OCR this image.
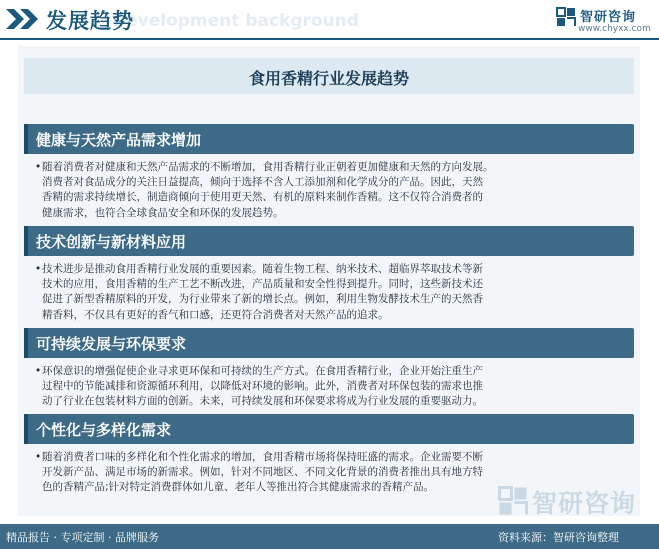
Development background
发展趋势	智研咨询
www.chyxx.com
食用香精行业发展趋势
健康与天然产品需求增加
• 随着消费者对健康和天然产品需求的不断增加，食用香精行业正朝着更加健康和天然的方向发展。
消费者对食品成分的关注日益提高，倾向于选择不含人工添加剂和化学成分的产品。因此，天然
香精的需求持续增长，制造商倾向于使用更天然、有机的原料来制作香精。这不仅符合消费者的
健康需求，也符合全球食品安全和环保的发展趋势。
技术创新与新材料应用
• 技术进步是推动食用香精行业发展的重要因素。随着生物工程、纳米技术、超临界萃取技术等新
技术的应用，食用香精的生产工艺不断改进，产品质量和安全性得到提升。同时，这些新技术还
促进了新型香精原料的开发，为行业带来了新的增长点。例如，利用生物发酵技术生产的天然香
精香料，不仅具有更好的香气和口感，还更符合消费者对天然产品的追求。
可持续发展与环保要求
• 环保意识的增强促使企业寻求更环保和可持续的生产方式。在食用香精行业，企业开始注重生产
过程中的节能减排和资源循环利用，以降低对环境的影响。此外，消费者对环保包装的需求也推
动了行业在包装材料方面的创新。未来，可持续发展和环保要求将成为行业发展的重要驱动力。
个性化与多样化需求
• 随着消费者口味的多样化和个性化需求的增加，食用香精市场将保持旺盛的需求。企业需要不断
开发新产品、满足市场的新需求。例如，针对不同地区、不同文化背景的消费者推出具有地方特
色的香精产品;针对特定消费群体如儿童、老年人等推出符合其健康需求的香精产品。
智研咨询
精品报告 · 专项定制 · 品牌服务	资料来源：智研咨询整理
